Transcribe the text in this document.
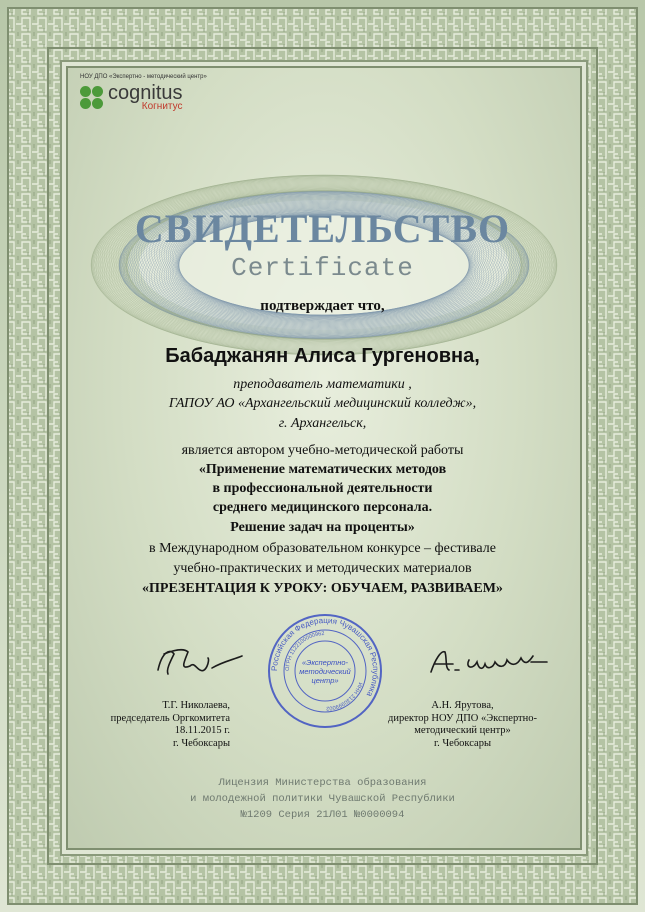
НОУ ДПО «Экспертно - методический центр»
cognitus
Когнитус
СВИДЕТЕЛЬСТВО
Certificate
подтверждает что,
Бабаджанян Алиса Гургеновна,
преподаватель математики ,
ГАПОУ АО «Архангельский медицинский колледж»,
г. Архангельск,
является автором учебно-методической работы
«Применение математических методов
в профессиональной деятельности
среднего медицинского персонала.
Решение задач на проценты»
в Международном образовательном конкурсе – фестивале
учебно-практических и методических материалов
«ПРЕЗЕНТАЦИЯ К УРОКУ: ОБУЧАЕМ, РАЗВИВАЕМ»
Т.Г. Николаева,
председатель Оргкомитета
18.11.2015 г.
г. Чебоксары
Российская Федерация Чувашская Республика
ОГРН 1122100000962
ИНН 2130999002
«Экспертно-
методический
центр»
А.Н. Ярутова,
директор НОУ ДПО «Экспертно-
методический центр»
г. Чебоксары
Лицензия Министерства образования
и молодежной политики Чувашской Республики
№1209 Серия 21Л01 №0000094
